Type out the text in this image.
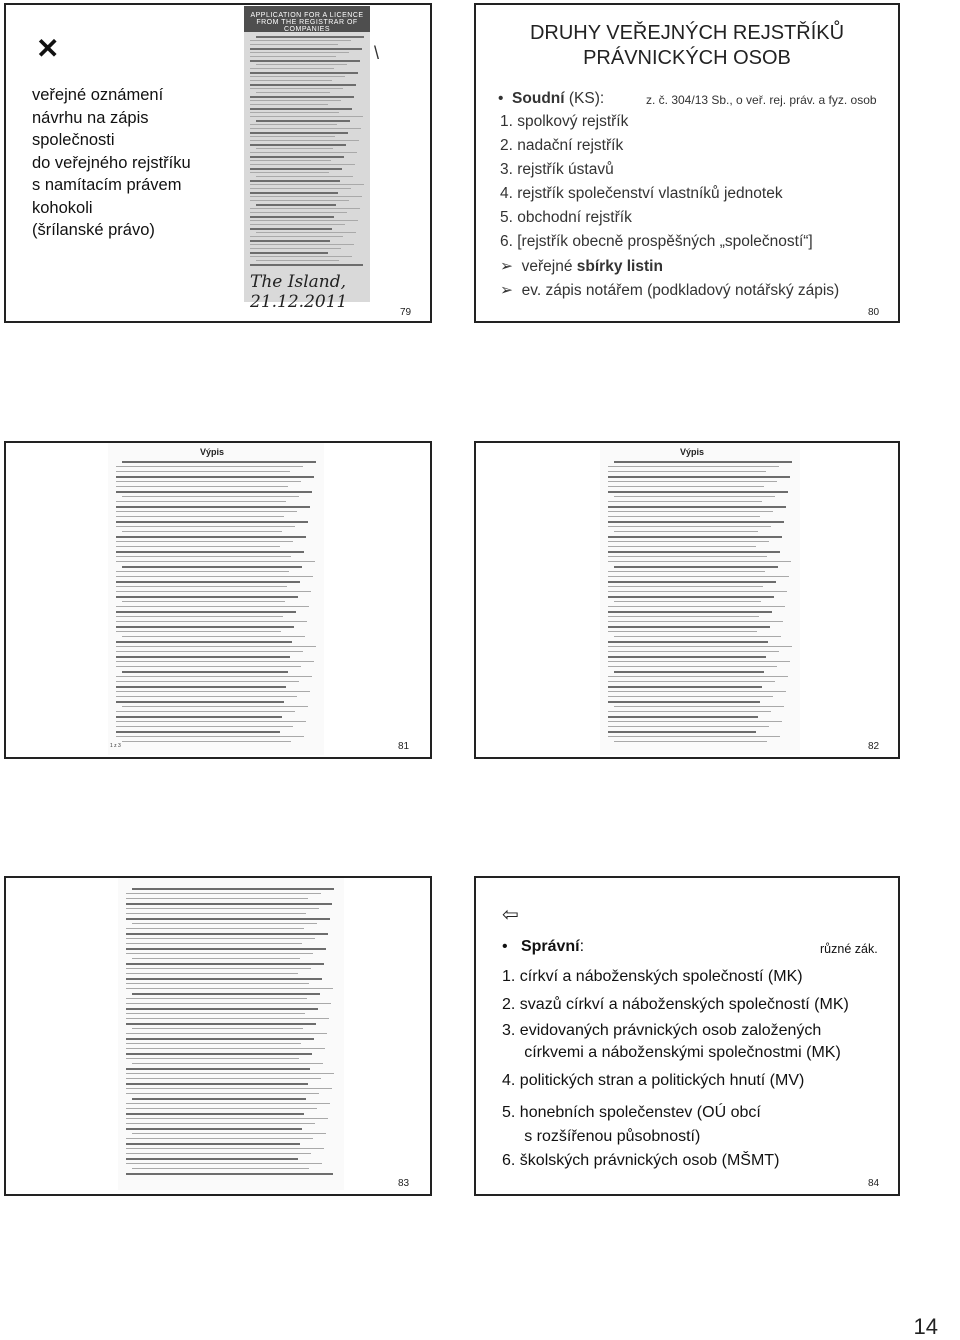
✕
veřejné oznámení
návrhu na zápis
společnosti
do veřejného rejstříku
s namítacím právem
kohokoli
(šrílanské právo)
APPLICATION FOR A LICENCE FROM THE REGISTRAR OF COMPANIES
The Island, 21.12.2011
\
79
DRUHY VEŘEJNÝCH REJSTŘÍKŮ
PRÁVNICKÝCH OSOB
•  Soudní (KS):	z. č. 304/13 Sb., o veř. rej. práv. a fyz. osob
1. spolkový rejstřík
2. nadační rejstřík
3. rejstřík ústavů
4. rejstřík společenství vlastníků jednotek
5. obchodní rejstřík
6. [rejstřík obecně prospěšných „společností“]
➢  veřejné sbírky listin
➢  ev. zápis notářem (podkladový notářský zápis)
80
Výpis
1 z 3	81
Výpis
82
83
⇦
•   Správní:	různé zák.
1. církví a náboženských společností (MK)
2. svazů církví a náboženských společností (MK)
3. evidovaných právnických osob založených
církvemi a náboženskými společnostmi (MK)
4. politických stran a politických hnutí (MV)
5. honebních společenstev (OÚ obcí
s rozšířenou působností)
6. školských právnických osob (MŠMT)
84
14
